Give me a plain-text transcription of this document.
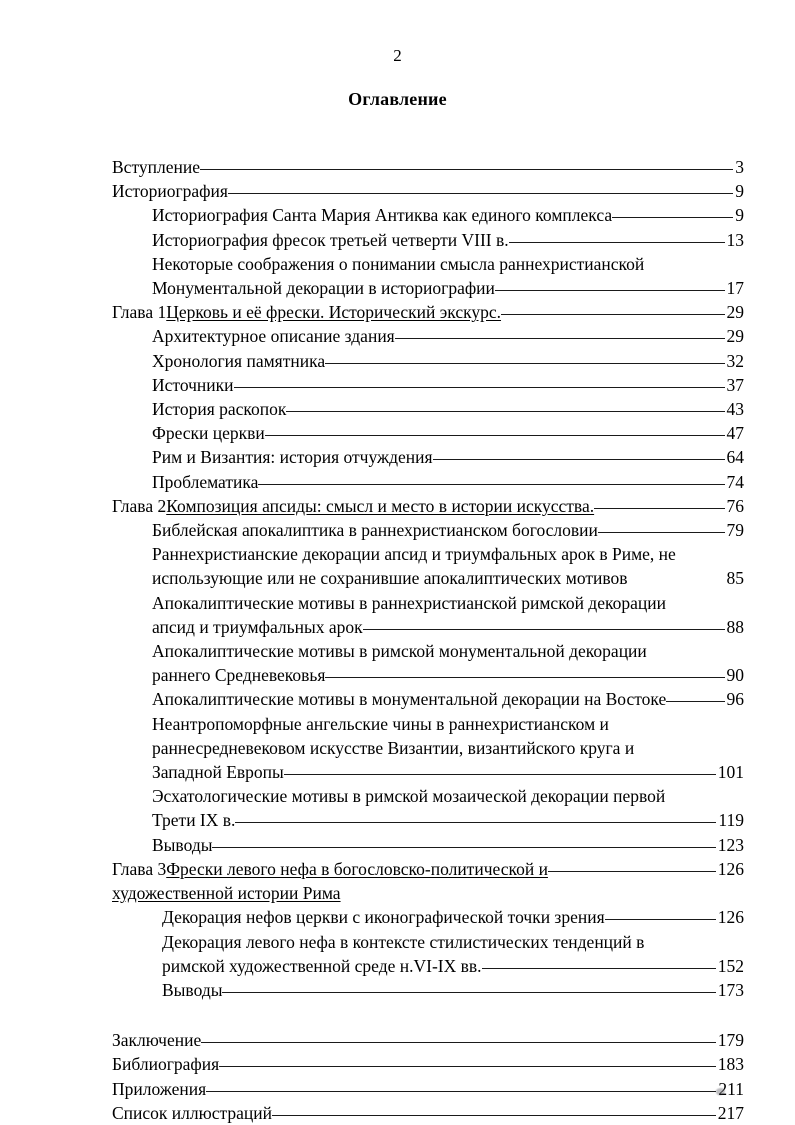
2
Оглавление
Вступление	3
Историография	9
Историография Санта Мария Антиква как единого комплекса	9
Историография фресок третьей четверти VIII в.	13
Некоторые соображения о понимании смысла раннехристианской
Монументальной декорации в историографии	17
Глава 1 Церковь и её фрески. Исторический экскурс.	29
Архитектурное описание здания	29
Хронология памятника	32
Источники	37
История раскопок	43
Фрески церкви	47
Рим и Византия: история отчуждения	64
Проблематика	74
Глава 2 Композиция апсиды: смысл и место в истории искусства.	76
Библейская апокалиптика в раннехристианском богословии	79
Раннехристианские декорации апсид и триумфальных арок в Риме, не
использующие или не сохранившие апокалиптических мотивов	85
Апокалиптические мотивы в раннехристианской римской декорации
апсид и триумфальных арок	88
Апокалиптические мотивы в римской монументальной декорации
раннего Средневековья	90
Апокалиптические мотивы в монументальной декорации на Востоке	96
Неантропоморфные ангельские чины в раннехристианском и
раннесредневековом искусстве Византии, византийского круга и
Западной Европы	101
Эсхатологические мотивы в римской мозаической декорации первой
Трети IX в.	119
Выводы	123
Глава 3 Фрески левого нефа в богословско-политической и	126
художественной истории Рима
Декорация нефов церкви с иконографической точки зрения	126
Декорация левого нефа в контексте стилистических тенденций в
римской художественной среде н.VI-IX вв.	152
Выводы	173
Заключение	179
Библиография	183
Приложения	211
Список иллюстраций	217
